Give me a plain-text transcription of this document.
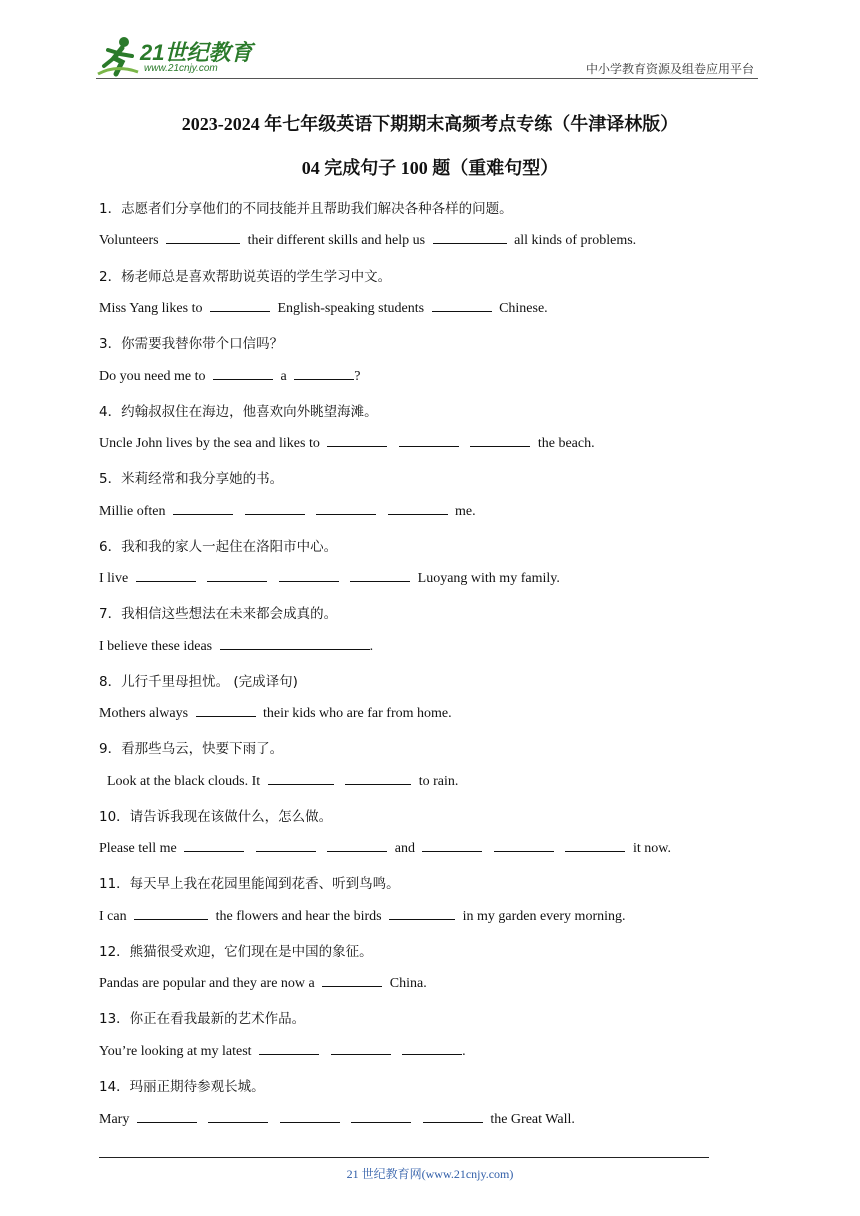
21世纪教育
www.21cnjy.com	中小学教育资源及组卷应用平台
2023-2024 年七年级英语下期期末高频考点专练（牛津译林版）
04 完成句子 100 题（重难句型）
1．志愿者们分享他们的不同技能并且帮助我们解决各种各样的问题。
Volunteers	their different skills and help us	all kinds of problems.
2．杨老师总是喜欢帮助说英语的学生学习中文。
Miss Yang likes to	English-speaking students	Chinese.
3．你需要我替你带个口信吗？
Do you need me to	a	?
4．约翰叔叔住在海边，他喜欢向外眺望海滩。
Uncle John lives by the sea and likes to	the beach.
5．米莉经常和我分享她的书。
Millie often	me.
6．我和我的家人一起住在洛阳市中心。
I live	Luoyang with my family.
7．我相信这些想法在未来都会成真的。
I believe these ideas	.
8．儿行千里母担忧。 (完成译句)
Mothers always	their kids who are far from home.
9．看那些乌云，快要下雨了。
Look at the black clouds. It	to rain.
10．请告诉我现在该做什么，怎么做。
Please tell me	and	it now.
11．每天早上我在花园里能闻到花香、听到鸟鸣。
I can	the flowers and hear the birds	in my garden every morning.
12．熊猫很受欢迎，它们现在是中国的象征。
Pandas are popular and they are now a	China.
13．你正在看我最新的艺术作品。
You’re looking at my latest	.
14．玛丽正期待参观长城。
Mary	the Great Wall.
21 世纪教育网(www.21cnjy.com)
